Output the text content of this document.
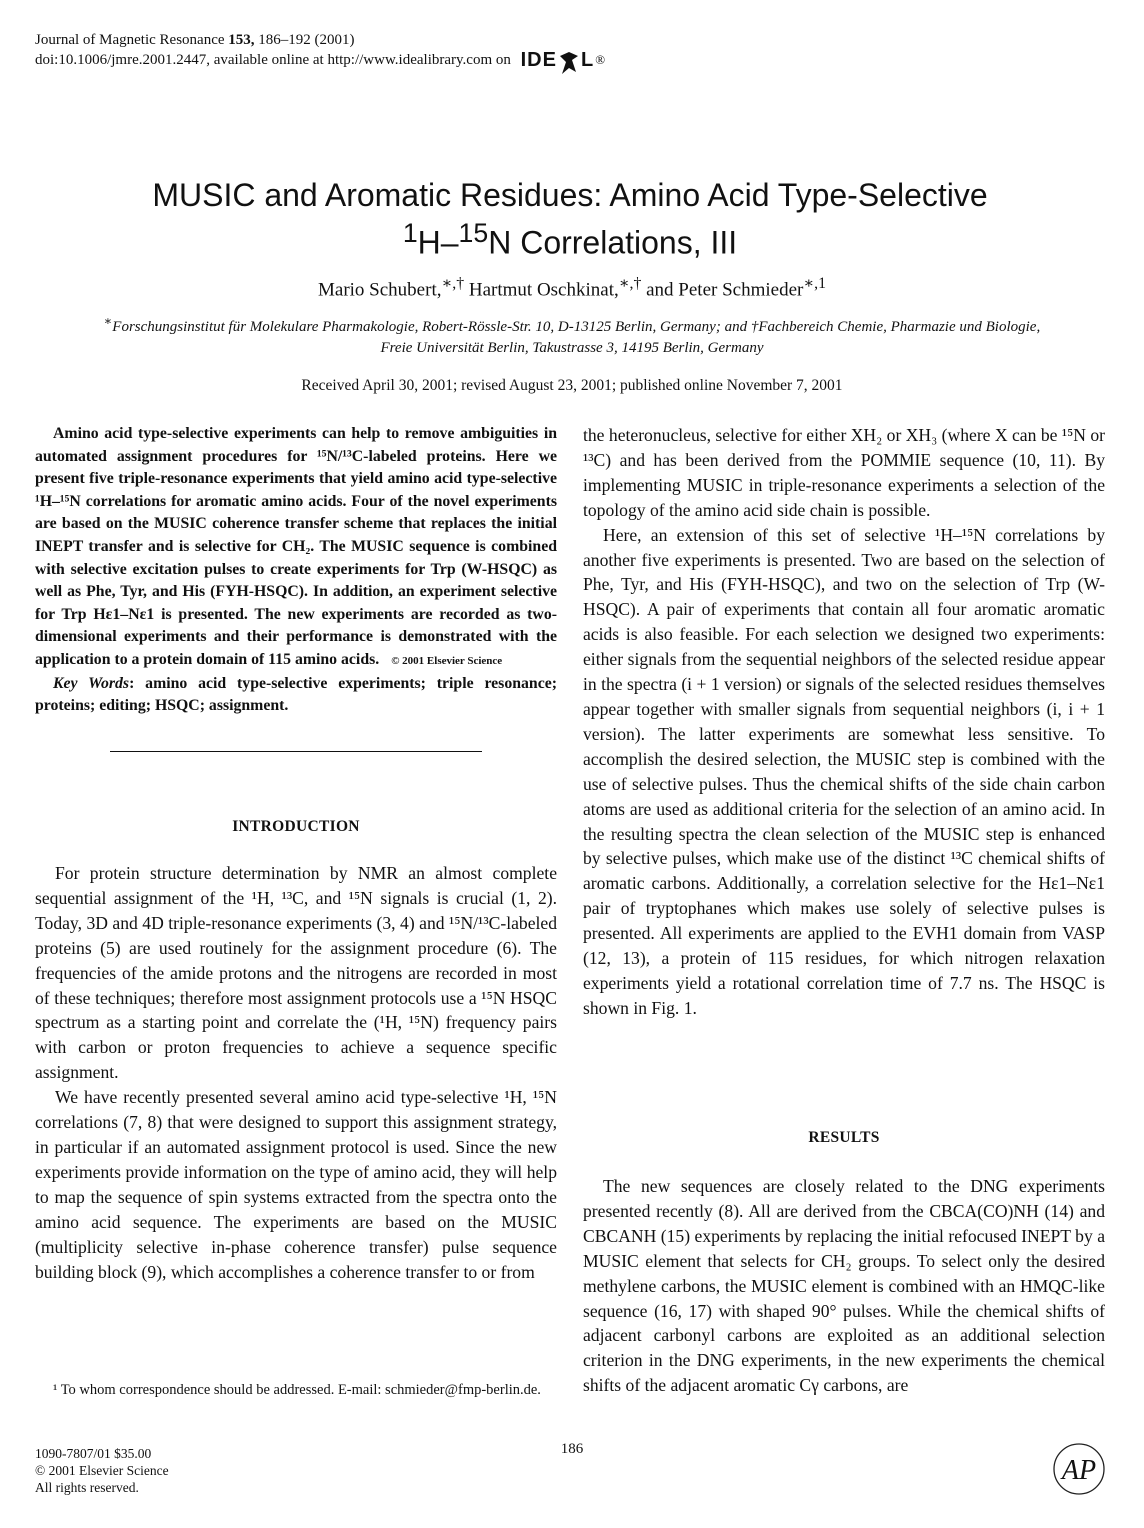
Journal of Magnetic Resonance 153, 186–192 (2001)
doi:10.1006/jmre.2001.2447, available online at http://www.idealibrary.com on IDE L ®
MUSIC and Aromatic Residues: Amino Acid Type-Selective
$^1$H–$^{15}$N Correlations, III
Mario Schubert,∗,† Hartmut Oschkinat,∗,† and Peter Schmieder$^{∗,1}$
∗Forschungsinstitut für Molekulare Pharmakologie, Robert-Rössle-Str. 10, D-13125 Berlin, Germany; and †Fachbereich Chemie, Pharmazie und Biologie,
Freie Universität Berlin, Takustrasse 3, 14195 Berlin, Germany
Received April 30, 2001; revised August 23, 2001; published online November 7, 2001

Amino acid type-selective experiments can help to remove ambiguities in automated assignment procedures for ¹⁵N/¹³C-labeled proteins. Here we present five triple-resonance experiments that yield amino acid type-selective ¹H–¹⁵N correlations for aromatic amino acids. Four of the novel experiments are based on the MUSIC coherence transfer scheme that replaces the initial INEPT transfer and is selective for CH₂. The MUSIC sequence is combined with selective excitation pulses to create experiments for Trp (W-HSQC) as well as Phe, Tyr, and His (FYH-HSQC). In addition, an experiment selective for Trp Hε1–Nε1 is presented. The new experiments are recorded as two-dimensional experiments and their performance is demonstrated with the application to a protein domain of 115 amino acids. © 2001 Elsevier Science

Key Words: amino acid type-selective experiments; triple resonance; proteins; editing; HSQC; assignment.

INTRODUCTION

For protein structure determination by NMR an almost complete sequential assignment of the ¹H, ¹³C, and ¹⁵N signals is crucial (1, 2). Today, 3D and 4D triple-resonance experiments (3, 4) and ¹⁵N/¹³C-labeled proteins (5) are used routinely for the assignment procedure (6). The frequencies of the amide protons and the nitrogens are recorded in most of these techniques; therefore most assignment protocols use a ¹⁵N HSQC spectrum as a starting point and correlate the (¹H, ¹⁵N) frequency pairs with carbon or proton frequencies to achieve a sequence specific assignment.

We have recently presented several amino acid type-selective ¹H, ¹⁵N correlations (7, 8) that were designed to support this assignment strategy, in particular if an automated assignment protocol is used. Since the new experiments provide information on the type of amino acid, they will help to map the sequence of spin systems extracted from the spectra onto the amino acid sequence. The experiments are based on the MUSIC (multiplicity selective in-phase coherence transfer) pulse sequence building block (9), which accomplishes a coherence transfer to or from

the heteronucleus, selective for either XH₂ or XH₃ (where X can be ¹⁵N or ¹³C) and has been derived from the POMMIE sequence (10, 11). By implementing MUSIC in triple-resonance experiments a selection of the topology of the amino acid side chain is possible.

Here, an extension of this set of selective ¹H–¹⁵N correlations by another five experiments is presented. Two are based on the selection of Phe, Tyr, and His (FYH-HSQC), and two on the selection of Trp (W-HSQC). A pair of experiments that contain all four aromatic aromatic acids is also feasible. For each selection we designed two experiments: either signals from the sequential neighbors of the selected residue appear in the spectra (i + 1 version) or signals of the selected residues themselves appear together with smaller signals from sequential neighbors (i, i + 1 version). The latter experiments are somewhat less sensitive. To accomplish the desired selection, the MUSIC step is combined with the use of selective pulses. Thus the chemical shifts of the side chain carbon atoms are used as additional criteria for the selection of an amino acid. In the resulting spectra the clean selection of the MUSIC step is enhanced by selective pulses, which make use of the distinct ¹³C chemical shifts of aromatic carbons. Additionally, a correlation selective for the Hε1–Nε1 pair of tryptophanes which makes use solely of selective pulses is presented. All experiments are applied to the EVH1 domain from VASP (12, 13), a protein of 115 residues, for which nitrogen relaxation experiments yield a rotational correlation time of 7.7 ns. The HSQC is shown in Fig. 1.

RESULTS

The new sequences are closely related to the DNG experiments presented recently (8). All are derived from the CBCA(CO)NH (14) and CBCANH (15) experiments by replacing the initial refocused INEPT by a MUSIC element that selects for CH₂ groups. To select only the desired methylene carbons, the MUSIC element is combined with an HMQC-like sequence (16, 17) with shaped 90° pulses. While the chemical shifts of adjacent carbonyl carbons are exploited as an additional selection criterion in the DNG experiments, in the new experiments the chemical shifts of the adjacent aromatic Cγ carbons, are

¹ To whom correspondence should be addressed. E-mail: schmieder@fmp-berlin.de.
186
1090-7807/01 $35.00
© 2001 Elsevier Science
All rights reserved.
AP
